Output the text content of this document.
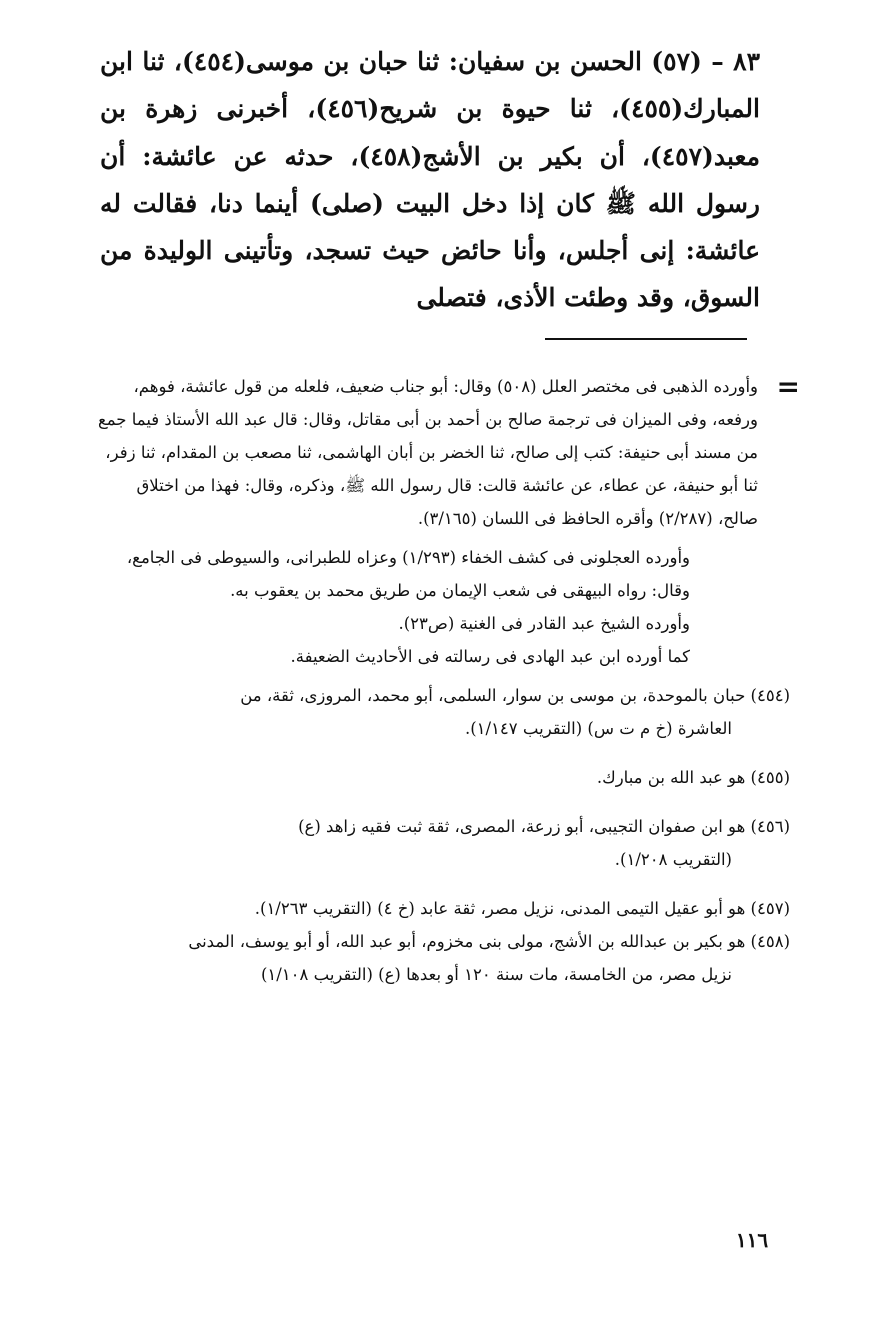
٨٣ – (٥٧) الحسن بن سفيان: ثنا حبان بن موسى(٤٥٤)، ثنا ابن المبارك(٤٥٥)، ثنا حيوة بن شريح(٤٥٦)، أخبرنى زهرة بن معبد(٤٥٧)، أن بكير بن الأشج(٤٥٨)، حدثه عن عائشة: أن رسول الله ﷺ كان إذا دخل البيت (صلى) أينما دنا، فقالت له عائشة: إنى أجلس، وأنا حائض حيث تسجد، وتأتينى الوليدة من السوق، وقد وطئت الأذى، فتصلى

=

وأورده الذهبى فى مختصر العلل (٥٠٨) وقال: أبو جناب ضعيف، فلعله من قول عائشة، فوهم، ورفعه، وفى الميزان فى ترجمة صالح بن أحمد بن أبى مقاتل، وقال: قال عبد الله الأستاذ فيما جمع من مسند أبى حنيفة: كتب إلى صالح، ثنا الخضر بن أبان الهاشمى، ثنا مصعب بن المقدام، ثنا زفر، ثنا أبو حنيفة، عن عطاء، عن عائشة قالت: قال رسول الله ﷺ، وذكره، وقال: فهذا من اختلاق صالح، (٢/٢٨٧) وأقره الحافظ فى اللسان (٣/١٦٥).

وأورده العجلونى فى كشف الخفاء (١/٢٩٣) وعزاه للطبرانى، والسيوطى فى الجامع، وقال: رواه البيهقى فى شعب الإيمان من طريق محمد بن يعقوب به.

وأورده الشيخ عبد القادر فى الغنية (ص٢٣).

كما أورده ابن عبد الهادى فى رسالته فى الأحاديث الضعيفة.

(٤٥٤) حبان بالموحدة، بن موسى بن سوار، السلمى، أبو محمد، المروزى، ثقة، من

العاشرة (خ م ت س) (التقريب ١/١٤٧).

(٤٥٥) هو عبد الله بن مبارك.

(٤٥٦) هو ابن صفوان التجيبى، أبو زرعة، المصرى، ثقة ثبت فقيه زاهد (ع)

(التقريب ١/٢٠٨).

(٤٥٧) هو أبو عقيل التيمى المدنى، نزيل مصر، ثقة عابد (خ ٤) (التقريب ١/٢٦٣).

(٤٥٨) هو بكير بن عبدالله بن الأشج، مولى بنى مخزوم، أبو عبد الله، أو أبو يوسف، المدنى

نزيل مصر، من الخامسة، مات سنة ١٢٠ أو بعدها (ع) (التقريب ١/١٠٨)

١١٦
